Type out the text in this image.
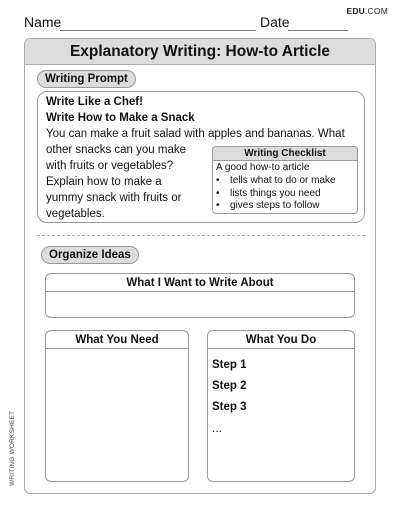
Name	Date
EDU.COM
Explanatory Writing: How-to Article
Writing Prompt
Write Like a Chef!
Write How to Make a Snack
You can make a fruit salad with apples and bananas. What
other snacks can you make
with fruits or vegetables?
Explain how to make a
yummy snack with fruits or
vegetables.
Writing Checklist
A good how-to article
• tells what to do or make
• lists things you need
• gives steps to follow
Organize Ideas
What I Want to Write About
What You Need	What You Do
Step 1
Step 2
Step 3
...
WRITING WORKSHEET
